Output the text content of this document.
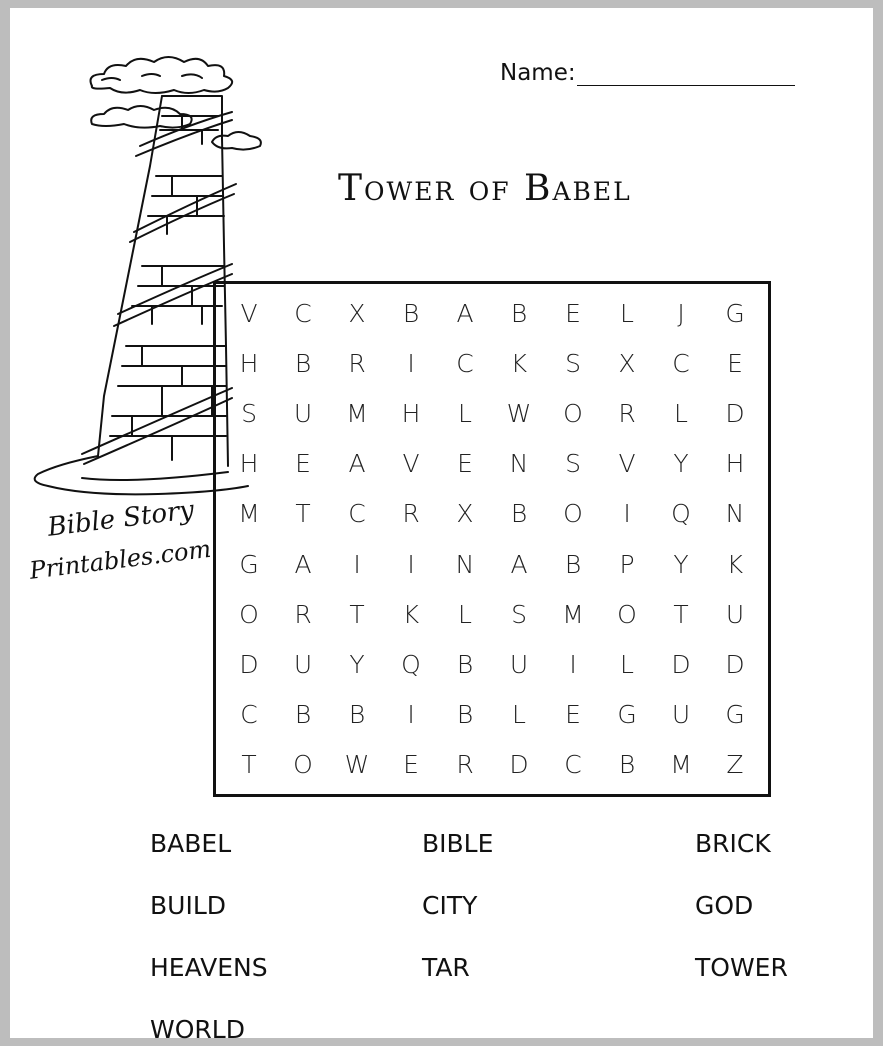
Name:
Tower of Babel
Bible Story
Printables.com
V	C	X	B	A	B	E	L	J	G
H	B	R	I	C	K	S	X	C	E
S	U	M	H	L	W	O	R	L	D
H	E	A	V	E	N	S	V	Y	H
M	T	C	R	X	B	O	I	Q	N
G	A	I	I	N	A	B	P	Y	K
O	R	T	K	L	S	M	O	T	U
D	U	Y	Q	B	U	I	L	D	D
C	B	B	I	B	L	E	G	U	G
T	O	W	E	R	D	C	B	M	Z
BABEL	BIBLE	BRICK
BUILD	CITY	GOD
HEAVENS	TAR	TOWER
WORLD
